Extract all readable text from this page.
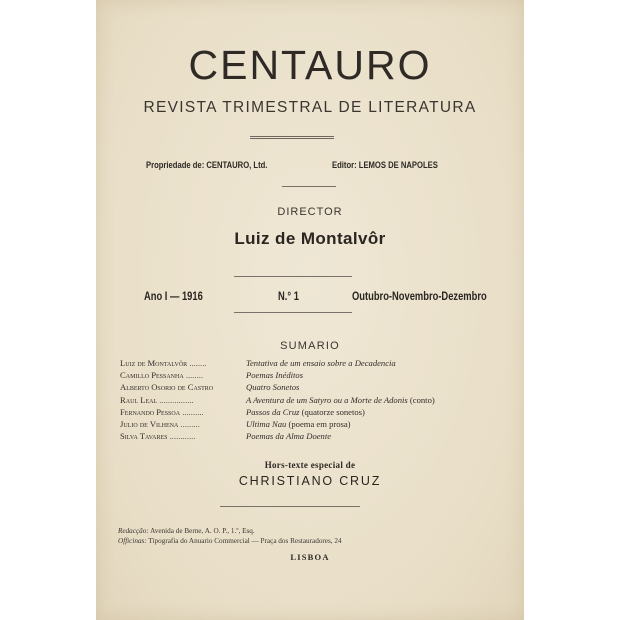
CENTAURO
REVISTA TRIMESTRAL DE LITERATURA
Propriedade de: CENTAURO, Ltd.	Editor: LEMOS DE NAPOLES
DIRECTOR
Luiz de Montalvôr
Ano I — 1916	N.° 1	Outubro-Novembro-Dezembro
SUMARIO
Luiz de Montalvôr ........	Tentativa de um ensaio sobre a Decadencia
Camillo Pessanha ........	Poemas Inéditos
Alberto Osorio de Castro	Quatro Sonetos
Raul Leal ................	A Aventura de um Satyro ou a Morte de Adonis (conto)
Fernando Pessoa ..........	Passos da Cruz (quatorze sonetos)
Julio de Vilhena .........	Ultima Nau (poema em prosa)
Silva Tavares ............	Poemas da Alma Doente
Hors-texte especial de
CHRISTIANO CRUZ
Redacção: Avenida de Berne, A. O. P., 1.º, Esq.
Officinas: Tipografia do Anuario Commercial — Praça dos Restauradores, 24
LISBOA
